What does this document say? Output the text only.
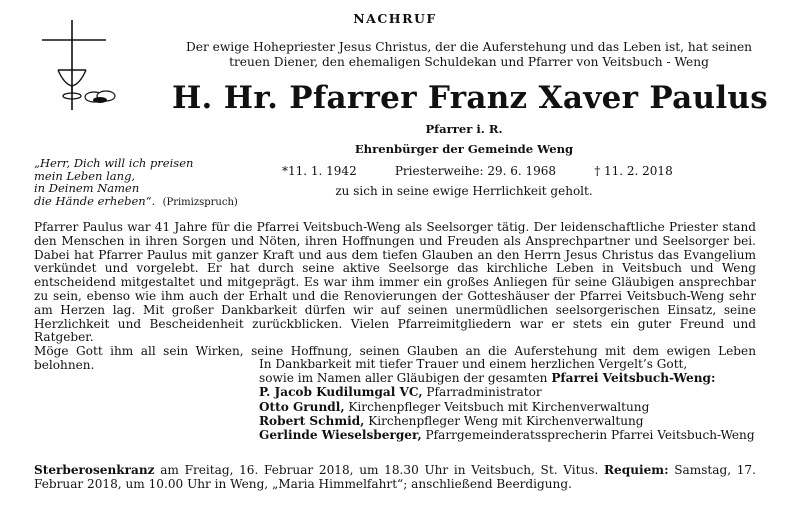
NACHRUF
Der ewige Hohepriester Jesus Christus, der die Auferstehung und das Leben ist, hat seinen treuen Diener, den ehemaligen Schuldekan und Pfarrer von Veitsbuch - Weng
H. Hr. Pfarrer Franz Xaver Paulus
Pfarrer i. R.
Ehrenbürger der Gemeinde Weng
*11. 1. 1942	Priesterweihe: 29. 6. 1968	† 11. 2. 2018
zu sich in seine ewige Herrlichkeit geholt.
„Herr, Dich will ich preisen
mein Leben lang,
in Deinem Namen
die Hände erheben“. (Primizspruch)

Pfarrer Paulus war 41 Jahre für die Pfarrei Veitsbuch-Weng als Seelsorger tätig. Der leidenschaftliche Priester stand den Menschen in ihren Sorgen und Nöten, ihren Hoffnungen und Freuden als Ansprechpartner und Seelsorger bei. Dabei hat Pfarrer Paulus mit ganzer Kraft und aus dem tiefen Glauben an den Herrn Jesus Christus das Evangelium verkündet und vorgelebt. Er hat durch seine aktive Seelsorge das kirchliche Leben in Veitsbuch und Weng entscheidend mitgestaltet und mitgeprägt. Es war ihm immer ein großes Anliegen für seine Gläubigen ansprechbar zu sein, ebenso wie ihm auch der Erhalt und die Renovierungen der Gotteshäuser der Pfarrei Veitsbuch-Weng sehr am Herzen lag. Mit großer Dankbarkeit dürfen wir auf seinen unermüdlichen seelsorgerischen Einsatz, seine Herzlichkeit und Bescheidenheit zurückblicken. Vielen Pfarreimitgliedern war er stets ein guter Freund und Ratgeber.

Möge Gott ihm all sein Wirken, seine Hoffnung, seinen Glauben an die Auferstehung mit dem ewigen Leben belohnen.	In Dankbarkeit mit tiefer Trauer und einem herzlichen Vergelt’s Gott,
sowie im Namen aller Gläubigen der gesamten Pfarrei Veitsbuch-Weng:
P. Jacob Kudilumgal VC, Pfarradministrator
Otto Grundl, Kirchenpfleger Veitsbuch mit Kirchenverwaltung
Robert Schmid, Kirchenpfleger Weng mit Kirchenverwaltung
Gerlinde Wieselsberger, Pfarrgemeinderatssprecherin Pfarrei Veitsbuch-Weng
Sterberosenkranz am Freitag, 16. Februar 2018, um 18.30 Uhr in Veitsbuch, St. Vitus. Requiem: Samstag, 17. Februar 2018, um 10.00 Uhr in Weng, „Maria Himmelfahrt“; anschließend Beerdigung.
